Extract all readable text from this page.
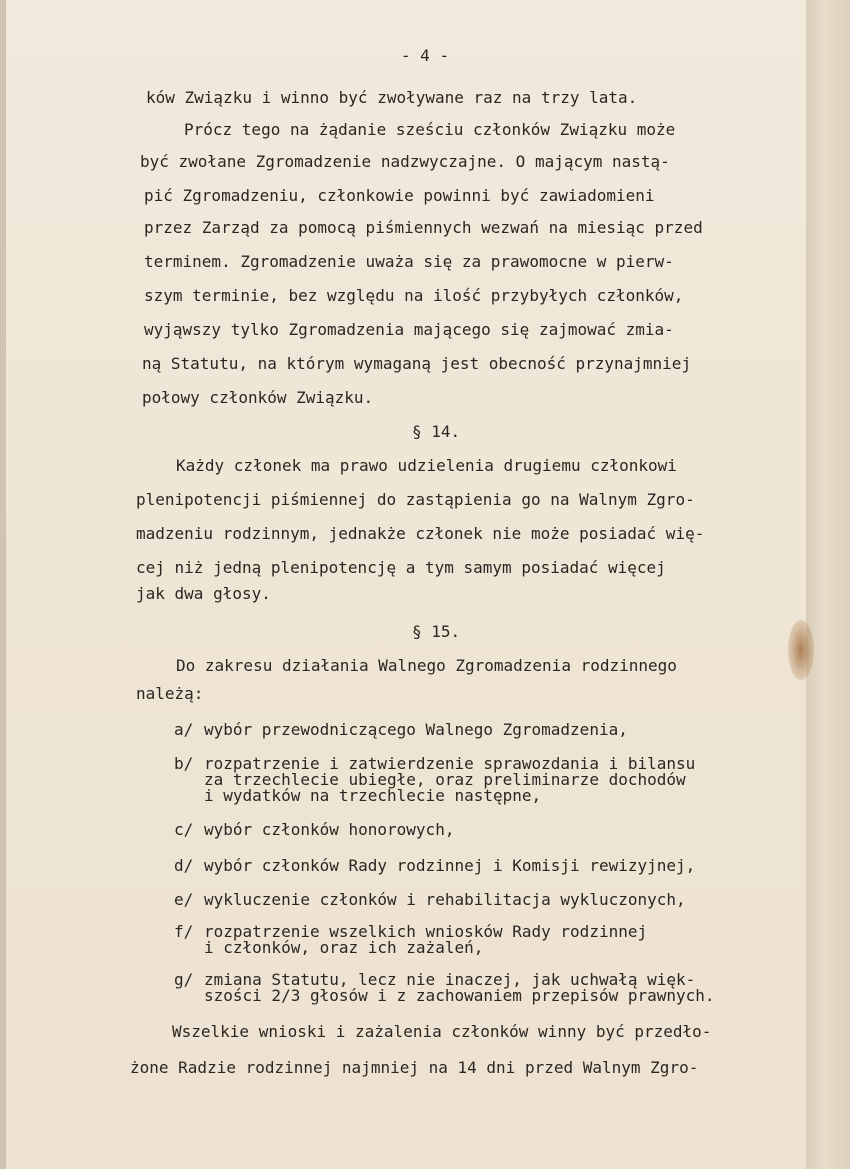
- 4 -
ków Związku i winno być zwoływane raz na trzy lata.
Prócz tego na żądanie sześciu członków Związku może
być zwołane Zgromadzenie nadzwyczajne. O mającym nastą-
pić Zgromadzeniu, członkowie powinni być zawiadomieni
przez Zarząd za pomocą piśmiennych wezwań na miesiąc przed
terminem. Zgromadzenie uważa się za prawomocne w pierw-
szym terminie, bez względu na ilość przybyłych członków,
wyjąwszy tylko Zgromadzenia mającego się zajmować zmia-
ną Statutu, na którym wymaganą jest obecność przynajmniej
połowy członków Związku.
§ 14.
Każdy członek ma prawo udzielenia drugiemu członkowi
plenipotencji piśmiennej do zastąpienia go na Walnym Zgro-
madzeniu rodzinnym, jednakże członek nie może posiadać wię-
cej niż jedną plenipotencję a tym samym posiadać więcej
jak dwa głosy.
§ 15.
Do zakresu działania Walnego Zgromadzenia rodzinnego
należą:
a/ wybór przewodniczącego Walnego Zgromadzenia,
b/ rozpatrzenie i zatwierdzenie sprawozdania i bilansu
za trzechlecie ubiegłe, oraz preliminarze dochodów
i wydatków na trzechlecie następne,
c/ wybór członków honorowych,
d/ wybór członków Rady rodzinnej i Komisji rewizyjnej,
e/ wykluczenie członków i rehabilitacja wykluczonych,
f/ rozpatrzenie wszelkich wniosków Rady rodzinnej
i członków, oraz ich zażaleń,
g/ zmiana Statutu, lecz nie inaczej, jak uchwałą więk-
szości 2/3 głosów i z zachowaniem przepisów prawnych.
Wszelkie wnioski i zażalenia członków winny być przedło-
żone Radzie rodzinnej najmniej na 14 dni przed Walnym Zgro-
